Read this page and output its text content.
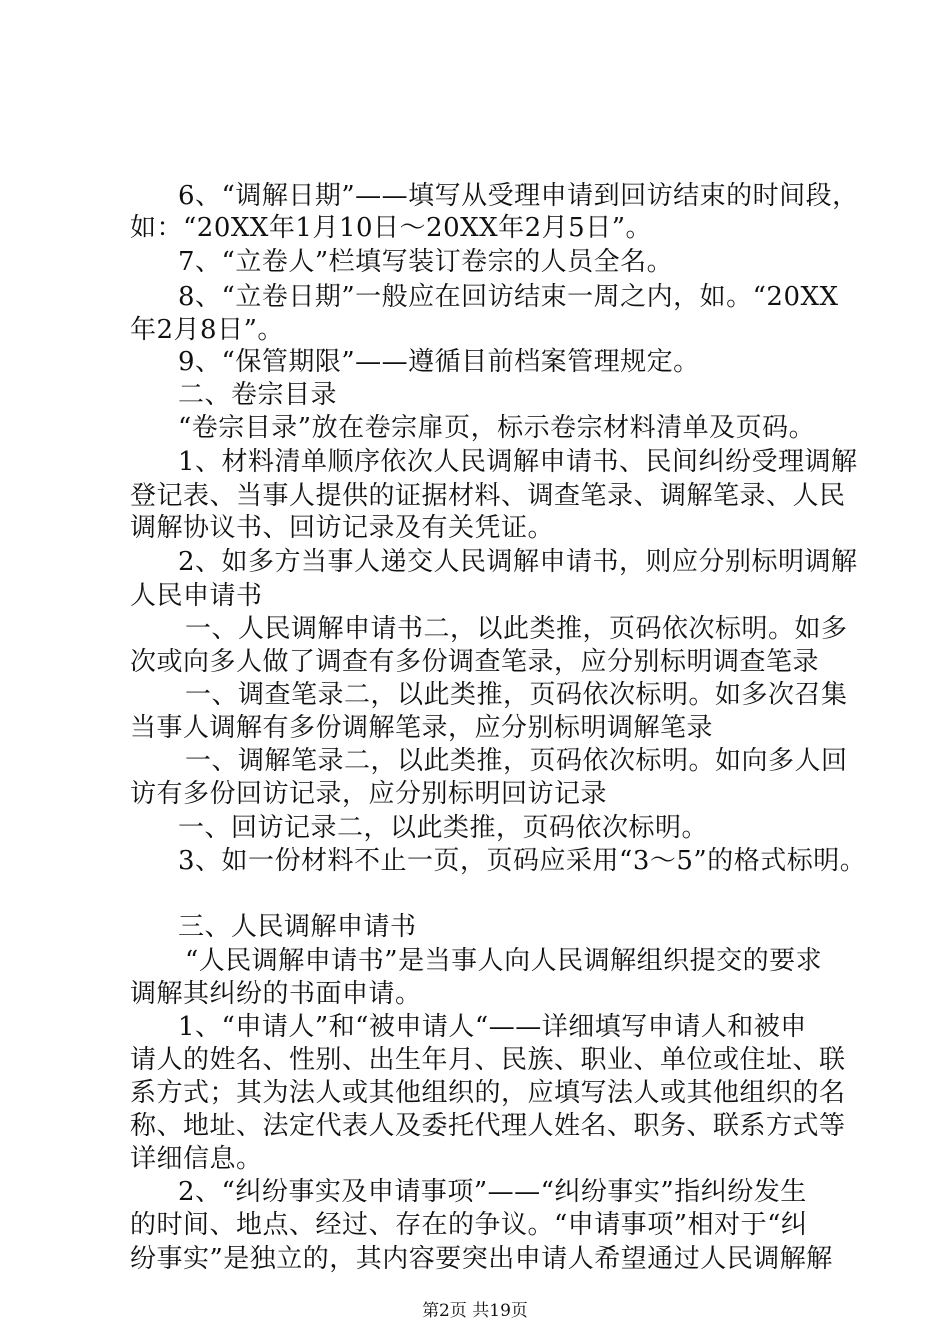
6、“调解日期”——填写从受理申请到回访结束的时间段，
如：“20XX年1月10日～20XX年2月5日”。
7、“立卷人”栏填写装订卷宗的人员全名。
8、“立卷日期”一般应在回访结束一周之内，如。“20XX
年2月8日”。
9、“保管期限”——遵循目前档案管理规定。
二、卷宗目录
“卷宗目录”放在卷宗扉页，标示卷宗材料清单及页码。
1、材料清单顺序依次人民调解申请书、民间纠纷受理调解
登记表、当事人提供的证据材料、调查笔录、调解笔录、人民
调解协议书、回访记录及有关凭证。
2、如多方当事人递交人民调解申请书，则应分别标明调解
人民申请书
一、人民调解申请书二，以此类推，页码依次标明。如多
次或向多人做了调查有多份调查笔录，应分别标明调查笔录
一、调查笔录二，以此类推，页码依次标明。如多次召集
当事人调解有多份调解笔录，应分别标明调解笔录
一、调解笔录二，以此类推，页码依次标明。如向多人回
访有多份回访记录，应分别标明回访记录
一、回访记录二，以此类推，页码依次标明。
3、如一份材料不止一页，页码应采用“3～5”的格式标明。
三、人民调解申请书
“人民调解申请书”是当事人向人民调解组织提交的要求
调解其纠纷的书面申请。
1、“申请人”和“被申请人“——详细填写申请人和被申
请人的姓名、性别、出生年月、民族、职业、单位或住址、联
系方式；其为法人或其他组织的，应填写法人或其他组织的名
称、地址、法定代表人及委托代理人姓名、职务、联系方式等
详细信息。
2、“纠纷事实及申请事项”——“纠纷事实”指纠纷发生
的时间、地点、经过、存在的争议。“申请事项”相对于“纠
纷事实”是独立的，其内容要突出申请人希望通过人民调解解
第2页 共19页
